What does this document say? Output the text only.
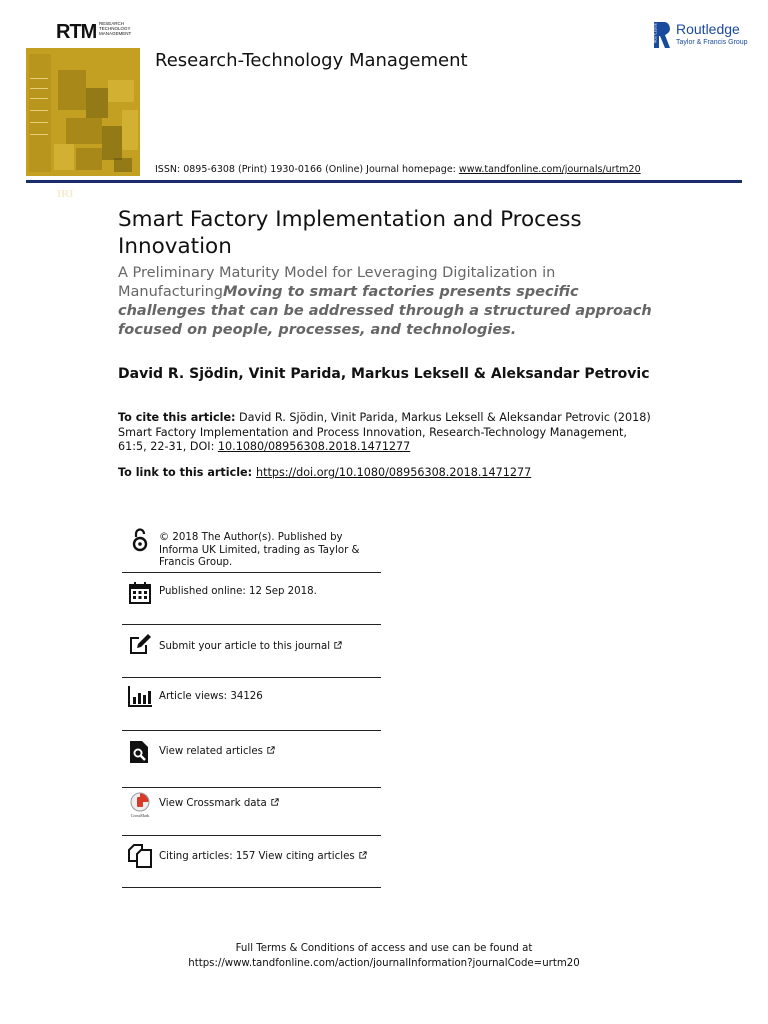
IRI
RTM RESEARCH TECHNOLOGY MANAGEMENT
Research-Technology Management
ISSN: 0895-6308 (Print) 1930-0166 (Online) Journal homepage: www.tandfonline.com/journals/urtm20
ROUTLEDGE Routledge
Taylor & Francis Group
Smart Factory Implementation and Process Innovation
A Preliminary Maturity Model for Leveraging Digitalization in ManufacturingMoving to smart factories presents specific challenges that can be addressed through a structured approach focused on people, processes, and technologies.
David R. Sjödin, Vinit Parida, Markus Leksell & Aleksandar Petrovic
To cite this article: David R. Sjödin, Vinit Parida, Markus Leksell & Aleksandar Petrovic (2018) Smart Factory Implementation and Process Innovation, Research-Technology Management, 61:5, 22-31, DOI: 10.1080/08956308.2018.1471277
To link to this article: https://doi.org/10.1080/08956308.2018.1471277
© 2018 The Author(s). Published by Informa UK Limited, trading as Taylor & Francis Group.
Published online: 12 Sep 2018.
Submit your article to this journal
Article views: 34126
View related articles
CrossMark
View Crossmark data
Citing articles: 157 View citing articles
Full Terms & Conditions of access and use can be found at
https://www.tandfonline.com/action/journalInformation?journalCode=urtm20
